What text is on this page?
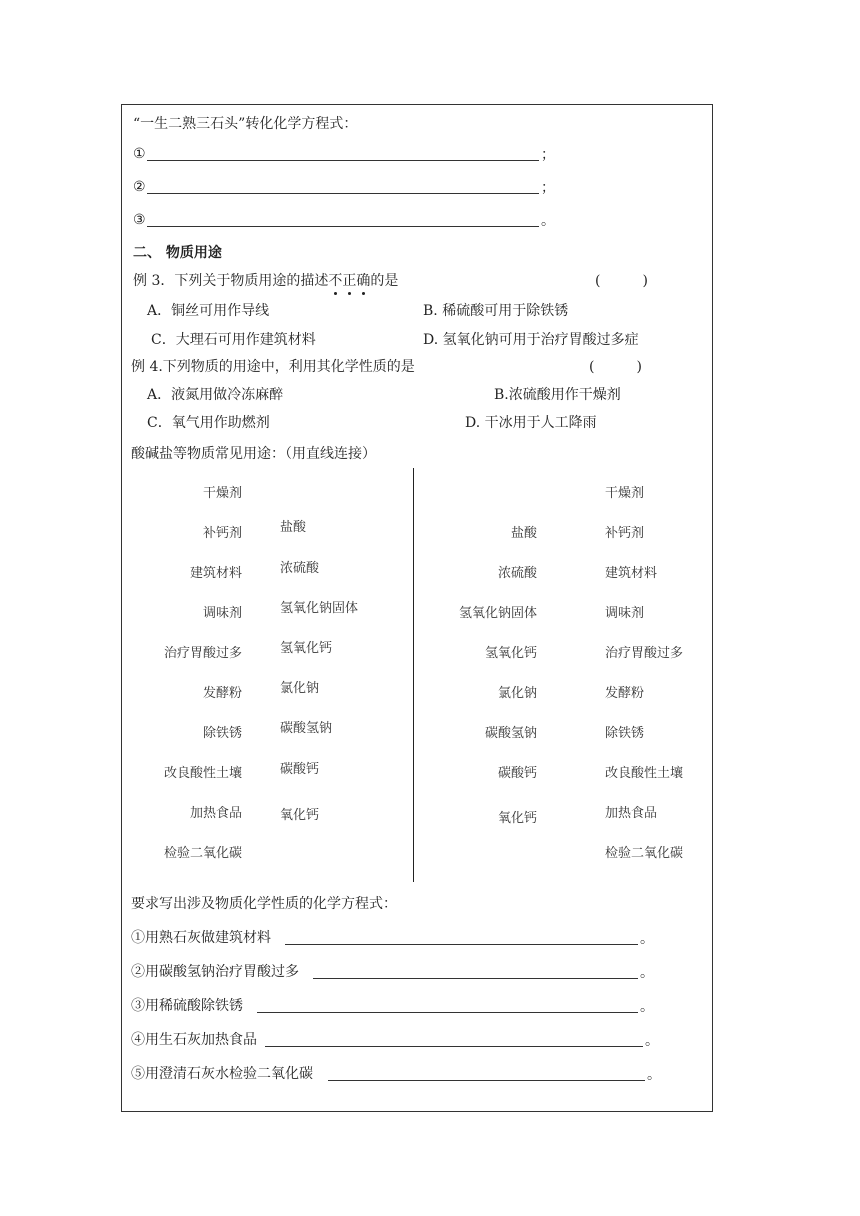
“一生二熟三石头”转化化学方程式：
①	；
②	；
③	。
二、 物质用途
例 3．下列关于物质用途的描述不正确的是	(　　　)
A．铜丝可用作导线	B. 稀硫酸可用于除铁锈
C．大理石可用作建筑材料	D. 氢氧化钠可用于治疗胃酸过多症
例 4.下列物质的用途中，利用其化学性质的是	(　　　)
A．液氮用做冷冻麻醉	B.浓硫酸用作干燥剂
C．氧气用作助燃剂	D. 干冰用于人工降雨
酸碱盐等物质常见用途：（用直线连接）
干燥剂
补钙剂
建筑材料
调味剂
治疗胃酸过多
发酵粉
除铁锈
改良酸性土壤
加热食品
检验二氧化碳
盐酸
浓硫酸
氢氧化钠固体
氢氧化钙
氯化钠
碳酸氢钠
碳酸钙
氧化钙
盐酸
浓硫酸
氢氧化钠固体
氢氧化钙
氯化钠
碳酸氢钠
碳酸钙
氧化钙
干燥剂
补钙剂
建筑材料
调味剂
治疗胃酸过多
发酵粉
除铁锈
改良酸性土壤
加热食品
检验二氧化碳
要求写出涉及物质化学性质的化学方程式：
①用熟石灰做建筑材料	。
②用碳酸氢钠治疗胃酸过多	。
③用稀硫酸除铁锈	。
④用生石灰加热食品	。
⑤用澄清石灰水检验二氧化碳	。
